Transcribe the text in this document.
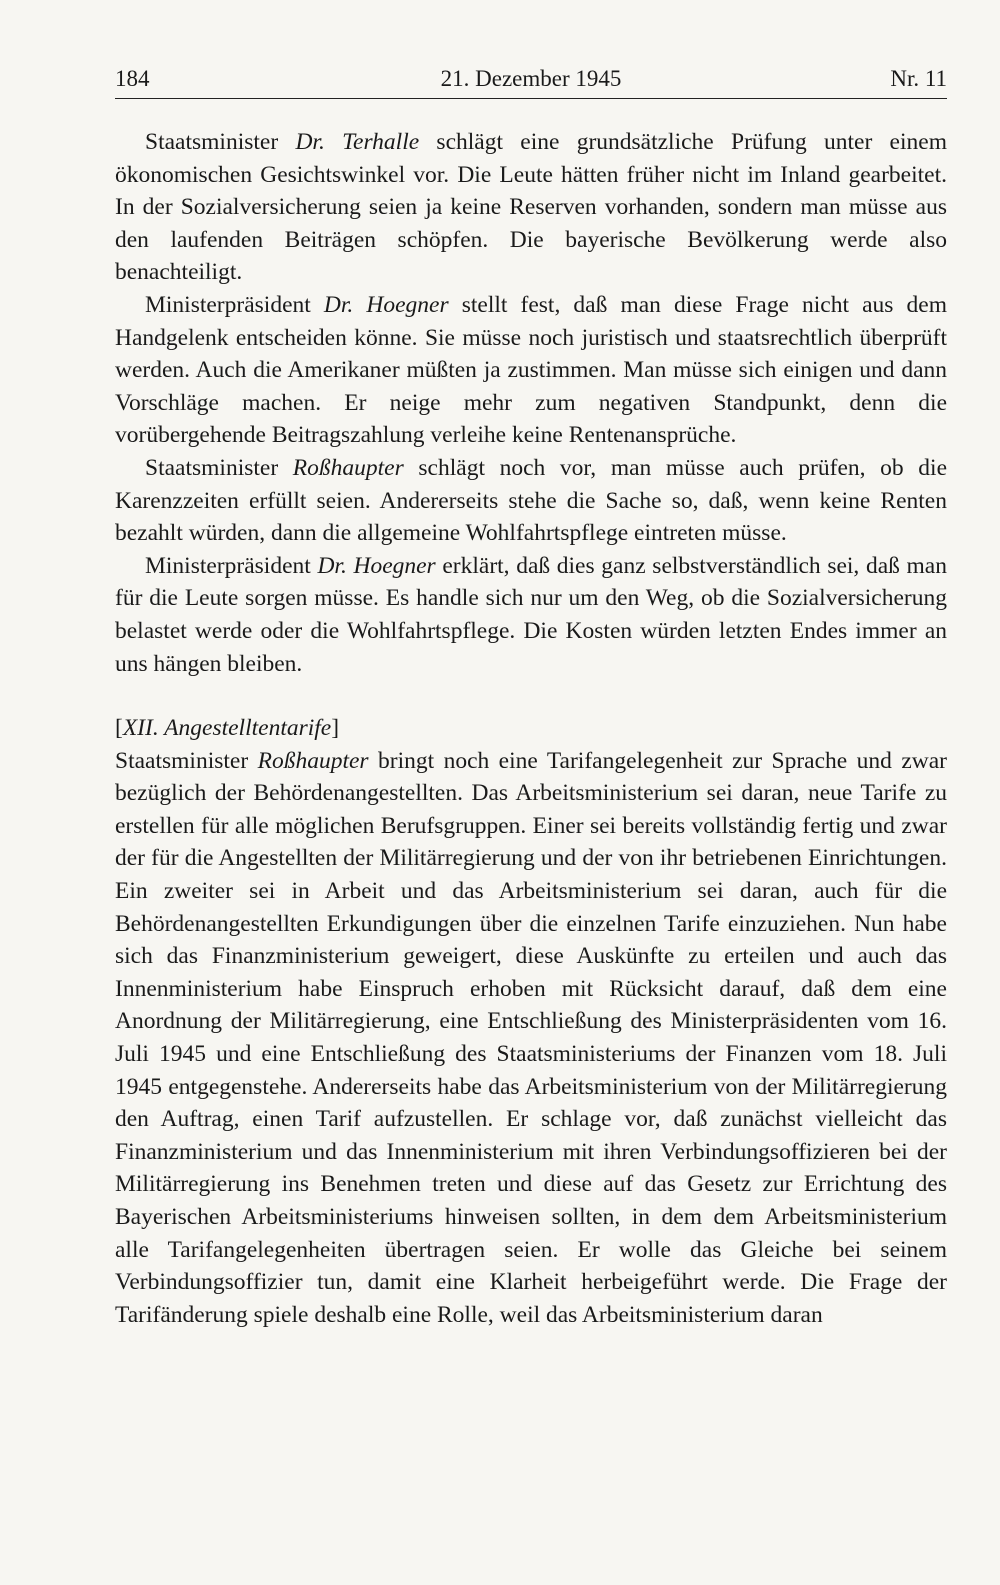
184	21. Dezember 1945	Nr. 11

Staatsminister Dr. Terhalle schlägt eine grundsätzliche Prüfung unter einem ökonomischen Gesichtswinkel vor. Die Leute hätten früher nicht im Inland gearbeitet. In der Sozialversicherung seien ja keine Reserven vorhanden, sondern man müsse aus den laufenden Beiträgen schöpfen. Die bayerische Bevölkerung werde also benachteiligt.

Ministerpräsident Dr. Hoegner stellt fest, daß man diese Frage nicht aus dem Handgelenk entscheiden könne. Sie müsse noch juristisch und staatsrechtlich überprüft werden. Auch die Amerikaner müßten ja zustimmen. Man müsse sich einigen und dann Vorschläge machen. Er neige mehr zum negativen Standpunkt, denn die vorübergehende Beitragszahlung verleihe keine Rentenansprüche.

Staatsminister Roßhaupter schlägt noch vor, man müsse auch prüfen, ob die Karenzzeiten erfüllt seien. Andererseits stehe die Sache so, daß, wenn keine Renten bezahlt würden, dann die allgemeine Wohlfahrtspflege eintreten müsse.

Ministerpräsident Dr. Hoegner erklärt, daß dies ganz selbstverständlich sei, daß man für die Leute sorgen müsse. Es handle sich nur um den Weg, ob die Sozialversicherung belastet werde oder die Wohlfahrtspflege. Die Kosten würden letzten Endes immer an uns hängen bleiben.

[XII. Angestelltentarife]

Staatsminister Roßhaupter bringt noch eine Tarifangelegenheit zur Sprache und zwar bezüglich der Behördenangestellten. Das Arbeitsministerium sei daran, neue Tarife zu erstellen für alle möglichen Berufsgruppen. Einer sei bereits vollständig fertig und zwar der für die Angestellten der Militärregierung und der von ihr betriebenen Einrichtungen. Ein zweiter sei in Arbeit und das Arbeitsministerium sei daran, auch für die Behördenangestellten Erkundigungen über die einzelnen Tarife einzuziehen. Nun habe sich das Finanzministerium geweigert, diese Auskünfte zu erteilen und auch das Innenministerium habe Einspruch erhoben mit Rücksicht darauf, daß dem eine Anordnung der Militärregierung, eine Entschließung des Ministerpräsidenten vom 16. Juli 1945 und eine Entschließung des Staatsministeriums der Finanzen vom 18. Juli 1945 entgegenstehe. Andererseits habe das Arbeitsministerium von der Militärregierung den Auftrag, einen Tarif aufzustellen. Er schlage vor, daß zunächst vielleicht das Finanzministerium und das Innenministerium mit ihren Verbindungsoffizieren bei der Militärregierung ins Benehmen treten und diese auf das Gesetz zur Errichtung des Bayerischen Arbeitsministeriums hinweisen sollten, in dem dem Arbeitsministerium alle Tarifangelegenheiten übertragen seien. Er wolle das Gleiche bei seinem Verbindungsoffizier tun, damit eine Klarheit herbeigeführt werde. Die Frage der Tarifänderung spiele deshalb eine Rolle, weil das Arbeitsministerium daran
